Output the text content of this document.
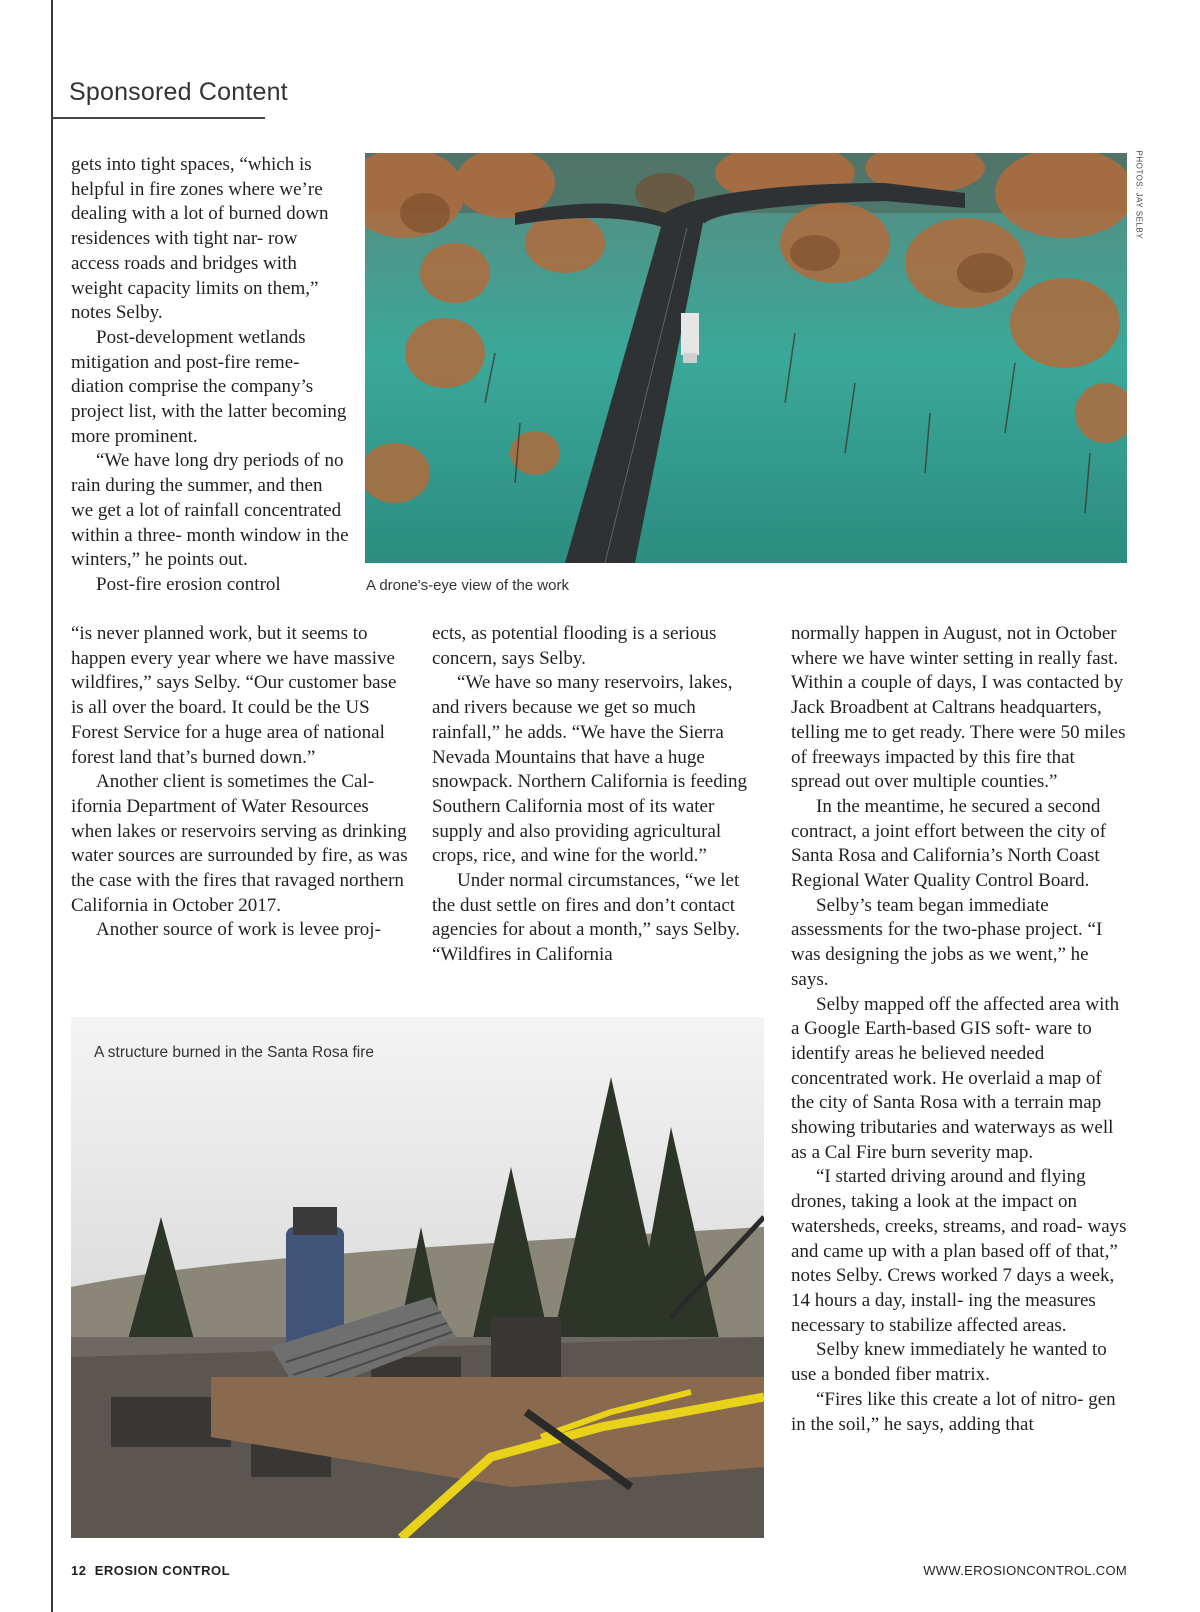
Sponsored Content
PHOTOS: JAY SELBY
A drone's-eye view of the work
A structure burned in the Santa Rosa fire

gets into tight spaces, “which is helpful in fire zones where we’re dealing with a lot of burned down residences with tight nar- row access roads and bridges with weight capacity limits on them,” notes Selby.

Post-development wetlands mitigation and post-fire reme- diation comprise the company’s project list, with the latter becoming more prominent.

“We have long dry periods of no rain during the summer, and then we get a lot of rainfall concentrated within a three- month window in the winters,” he points out.

Post-fire erosion control

“is never planned work, but it seems to happen every year where we have massive wildfires,” says Selby. “Our customer base is all over the board. It could be the US Forest Service for a huge area of national forest land that’s burned down.”

Another client is sometimes the Cal- ifornia Department of Water Resources when lakes or reservoirs serving as drinking water sources are surrounded by fire, as was the case with the fires that ravaged northern California in October 2017.

Another source of work is levee proj-

ects, as potential flooding is a serious concern, says Selby.

“We have so many reservoirs, lakes, and rivers because we get so much rainfall,” he adds. “We have the Sierra Nevada Mountains that have a huge snowpack. Northern California is feeding Southern California most of its water supply and also providing agricultural crops, rice, and wine for the world.”

Under normal circumstances, “we let the dust settle on fires and don’t contact agencies for about a month,” says Selby. “Wildfires in California

normally happen in August, not in October where we have winter setting in really fast. Within a couple of days, I was contacted by Jack Broadbent at Caltrans headquarters, telling me to get ready. There were 50 miles of freeways impacted by this fire that spread out over multiple counties.”

In the meantime, he secured a second contract, a joint effort between the city of Santa Rosa and California’s North Coast Regional Water Quality Control Board.

Selby’s team began immediate assessments for the two-phase project. “I was designing the jobs as we went,” he says.

Selby mapped off the affected area with a Google Earth-based GIS soft- ware to identify areas he believed needed concentrated work. He overlaid a map of the city of Santa Rosa with a terrain map showing tributaries and waterways as well as a Cal Fire burn severity map.

“I started driving around and flying drones, taking a look at the impact on watersheds, creeks, streams, and road- ways and came up with a plan based off of that,” notes Selby. Crews worked 7 days a week, 14 hours a day, install- ing the measures necessary to stabilize affected areas.

Selby knew immediately he wanted to use a bonded fiber matrix.

“Fires like this create a lot of nitro- gen in the soil,” he says, adding that

12 EROSION CONTROL	WWW.EROSIONCONTROL.COM
